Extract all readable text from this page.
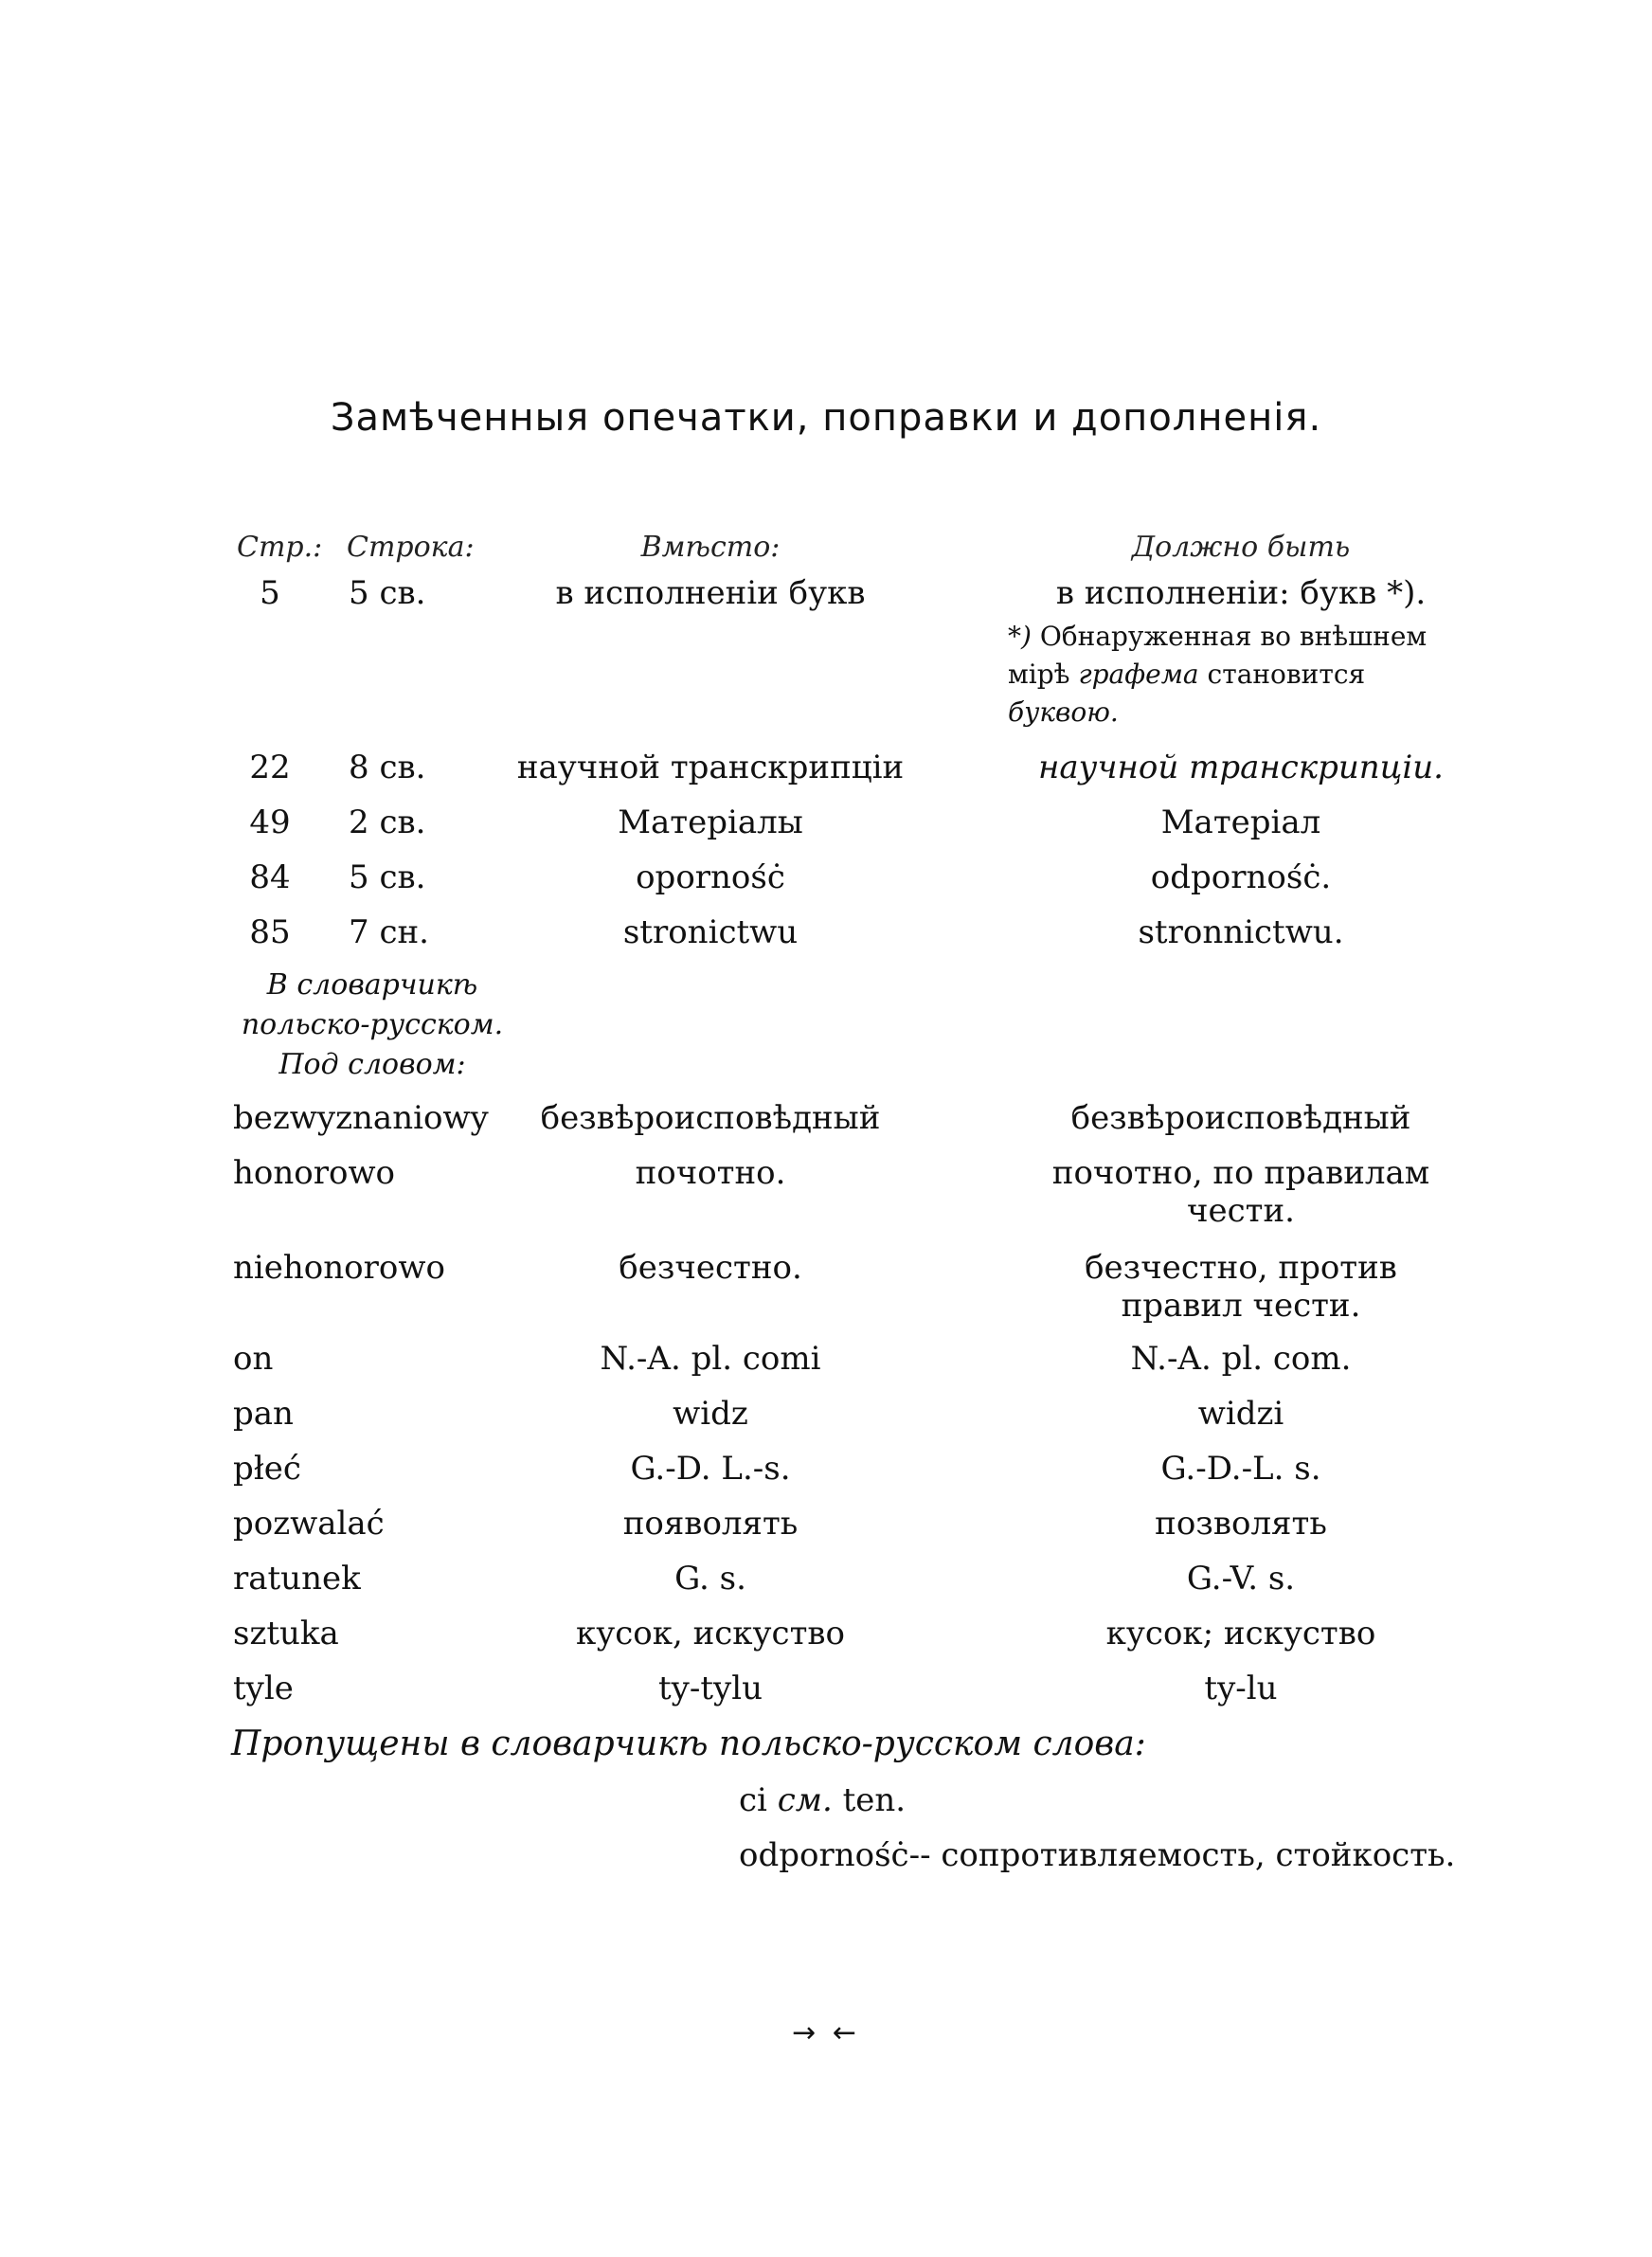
Замѣченныя опечатки, поправки и дополненія.
Стр.: Строка:	Вмѣсто:	Должно быть
5	5 св.	в исполненіи букв	в исполненіи: букв *).
*) Обнаруженная во внѣшнем мірѣ графема становится буквою.
22	8 св.	научной транскрипціи	научной транскрипціи.
49	2 св.	Матеріалы	Матеріал
84	5 св.	opornośċ	odpornośċ.
85	7 сн.	stronictwu	stronnictwu.
В словарчикѣ
польско-русском.
Под словом:
bezwyznaniowy	безвѣроисповѣдный	безвѣроисповѣдный
honorowo	почотно.	почотно, по правилам чести.
niehonorowo	безчестно.	безчестно, против правил чести.
on	N.-A. pl. comi	N.-A. pl. com.
pan	widz	widzi
płeć	G.-D. L.-s.	G.-D.-L. s.
pozwalać	появолять	позволять
ratunek	G. s.	G.-V. s.
sztuka	кусок, искуство	кусок; искуство
tyle	ty-tylu	ty-lu
Пропущены в словарчикѣ польско-русском слова:
ci см. ten.
odpornośċ-- сопротивляемость, стойкость.
→ ←
